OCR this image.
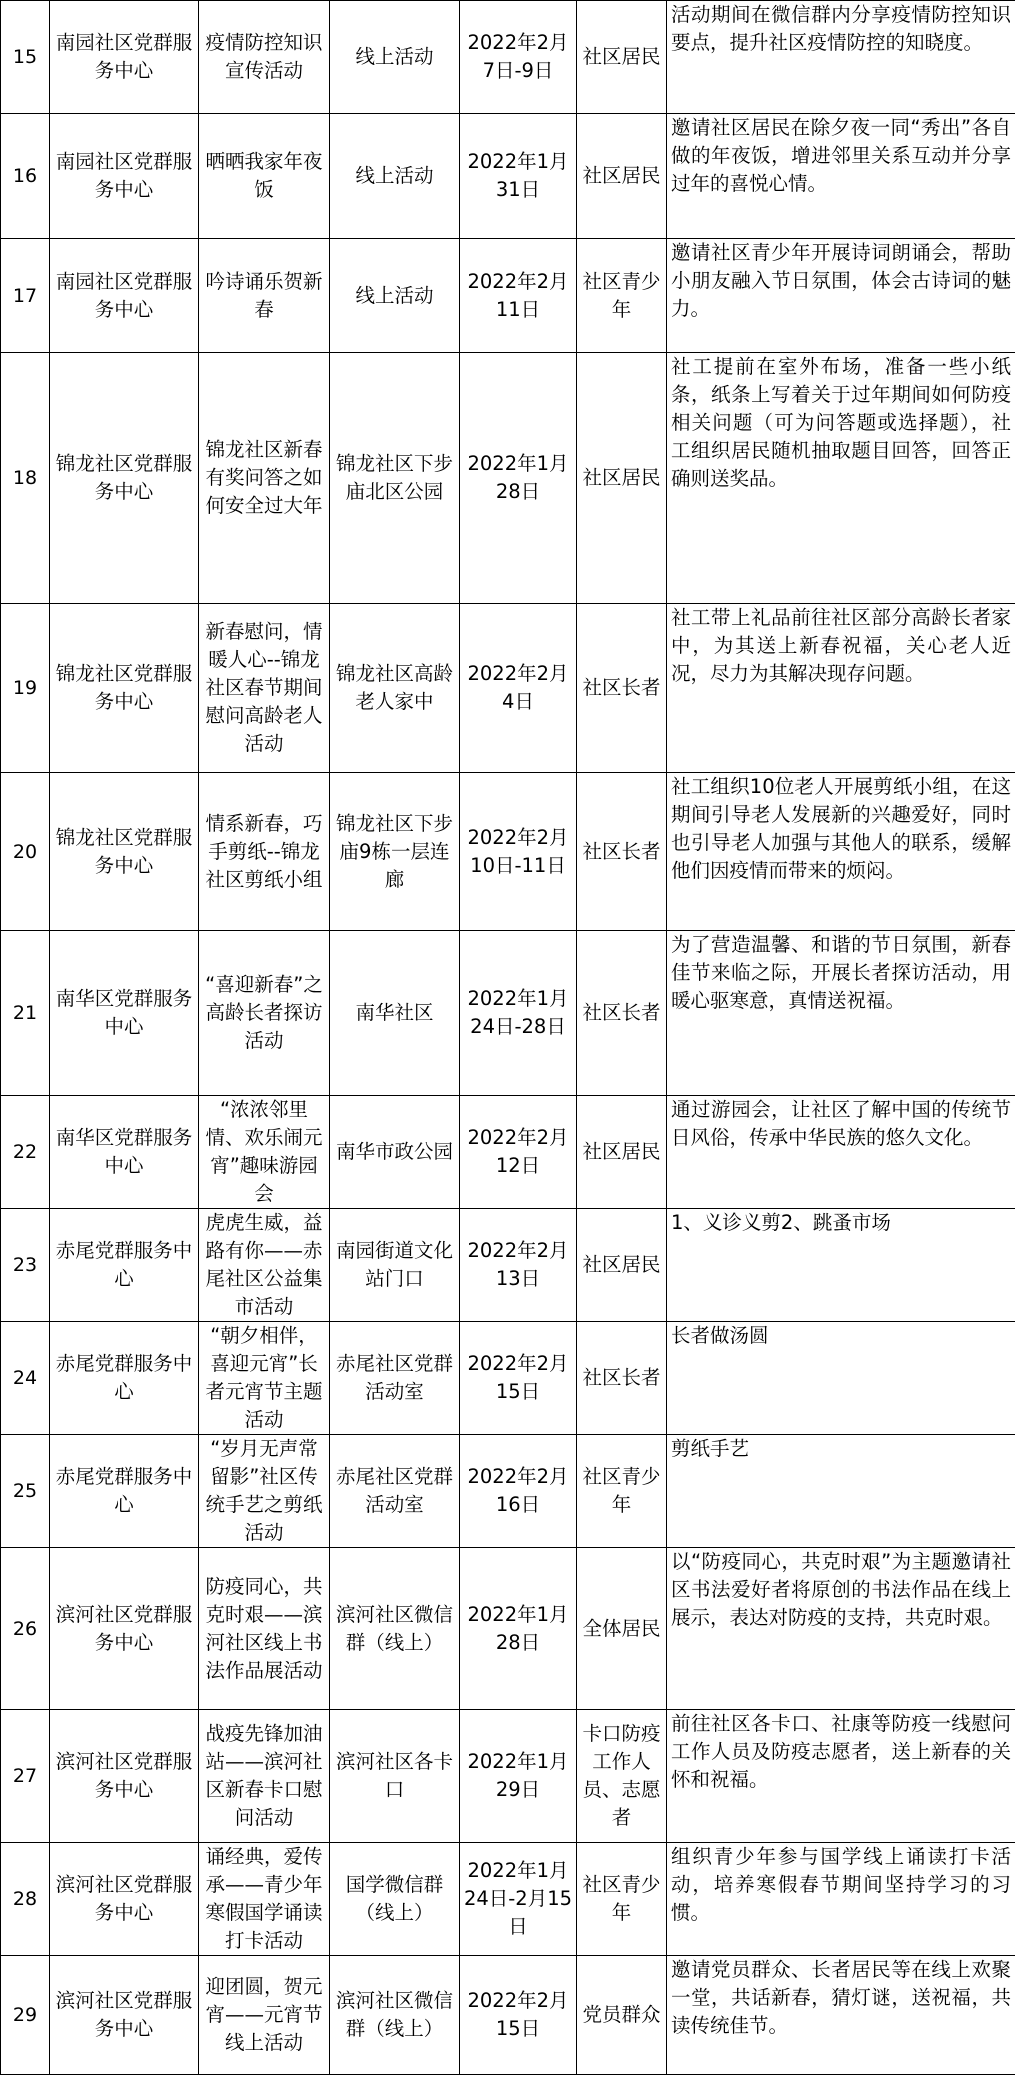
15	南园社区党群服务中心	疫情防控知识宣传活动	线上活动	2022年2月7日-9日	社区居民	活动期间在微信群内分享疫情防控知识要点，提升社区疫情防控的知晓度。
16	南园社区党群服务中心	晒晒我家年夜饭	线上活动	2022年1月31日	社区居民	邀请社区居民在除夕夜一同“秀出”各自做的年夜饭，增进邻里关系互动并分享过年的喜悦心情。
17	南园社区党群服务中心	吟诗诵乐贺新春	线上活动	2022年2月11日	社区青少年	邀请社区青少年开展诗词朗诵会，帮助小朋友融入节日氛围，体会古诗词的魅力。
18	锦龙社区党群服务中心	锦龙社区新春有奖问答之如何安全过大年	锦龙社区下步庙北区公园	2022年1月28日	社区居民	社工提前在室外布场，准备一些小纸条，纸条上写着关于过年期间如何防疫相关问题（可为问答题或选择题），社工组织居民随机抽取题目回答，回答正确则送奖品。
19	锦龙社区党群服务中心	新春慰问，情暖人心--锦龙社区春节期间慰问高龄老人活动	锦龙社区高龄老人家中	2022年2月4日	社区长者	社工带上礼品前往社区部分高龄长者家中，为其送上新春祝福，关心老人近况，尽力为其解决现存问题。
20	锦龙社区党群服务中心	情系新春，巧手剪纸--锦龙社区剪纸小组	锦龙社区下步庙9栋一层连廊	2022年2月10日-11日	社区长者	社工组织10位老人开展剪纸小组，在这期间引导老人发展新的兴趣爱好，同时也引导老人加强与其他人的联系，缓解他们因疫情而带来的烦闷。
21	南华区党群服务中心	“喜迎新春”之高龄长者探访活动	南华社区	2022年1月24日-28日	社区长者	为了营造温馨、和谐的节日氛围，新春佳节来临之际，开展长者探访活动，用暖心驱寒意，真情送祝福。
22	南华区党群服务中心	“浓浓邻里情、欢乐闹元宵”趣味游园会	南华市政公园	2022年2月12日	社区居民	通过游园会，让社区了解中国的传统节日风俗，传承中华民族的悠久文化。
23	赤尾党群服务中心	虎虎生威，益路有你——赤尾社区公益集市活动	南园街道文化站门口	2022年2月13日	社区居民	1、义诊义剪2、跳蚤市场
24	赤尾党群服务中心	“朝夕相伴，喜迎元宵”长者元宵节主题活动	赤尾社区党群活动室	2022年2月15日	社区长者	长者做汤圆
25	赤尾党群服务中心	“岁月无声常留影”社区传统手艺之剪纸活动	赤尾社区党群活动室	2022年2月16日	社区青少年	剪纸手艺
26	滨河社区党群服务中心	防疫同心，共克时艰——滨河社区线上书法作品展活动	滨河社区微信群（线上）	2022年1月28日	全体居民	以“防疫同心，共克时艰”为主题邀请社区书法爱好者将原创的书法作品在线上展示，表达对防疫的支持，共克时艰。
27	滨河社区党群服务中心	战疫先锋加油站——滨河社区新春卡口慰问活动	滨河社区各卡口	2022年1月29日	卡口防疫工作人员、志愿者	前往社区各卡口、社康等防疫一线慰问工作人员及防疫志愿者，送上新春的关怀和祝福。
28	滨河社区党群服务中心	诵经典，爱传承——青少年寒假国学诵读打卡活动	国学微信群（线上）	2022年1月24日-2月15日	社区青少年	组织青少年参与国学线上诵读打卡活动，培养寒假春节期间坚持学习的习惯。
29	滨河社区党群服务中心	迎团圆，贺元宵——元宵节线上活动	滨河社区微信群（线上）	2022年2月15日	党员群众	邀请党员群众、长者居民等在线上欢聚一堂，共话新春，猜灯谜，送祝福，共读传统佳节。
